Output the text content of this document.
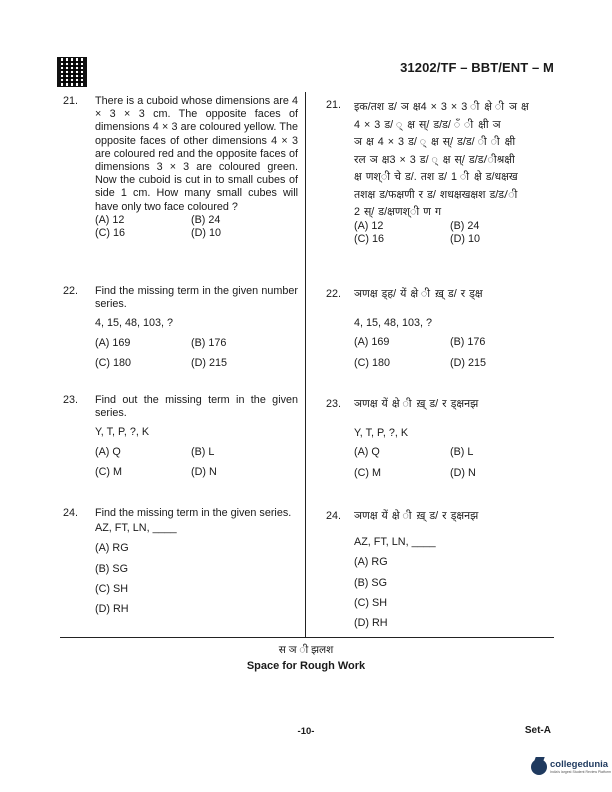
31202/TF – BBT/ENT – M
21. There is a cuboid whose dimensions are 4 × 3 × 3 cm. The opposite faces of dimensions 4 × 3 are coloured yellow. The opposite faces of other dimensions 4 × 3 are coloured red and the opposite faces of dimensions 3 × 3 are coloured green. Now the cuboid is cut in to small cubes of side 1 cm. How many small cubes will have only two face coloured ?
(A) 12	(B) 24
(C) 16	(D) 10
22. Find the missing term in the given number series.
4, 15, 48, 103, ?
(A) 169	(B) 176
(C) 180	(D) 215
23. Find out the missing term in the given series.
Y, T, P, ?, K
(A) Q	(B) L
(C) M	(D) N
24. Find the missing term in the given series.
AZ, FT, LN, ____
(A) RG
(B) SG
(C) SH
(D) RH
21. इक/तश ड/ ञ क्ष4 × 3 × 3 ी क्षे ी ञ क्ष
4 × 3 ड/ ् क्ष स्/ ड/ड/ ँ ी क्षी ञ
ञ क्ष 4 × 3 ड/ ् क्ष स्/ ड/ड/ ी ी क्षी
रल ञ क्ष3 × 3 ड/ ् क्ष स्/ ड/ड/ीश्रक्षी
क्ष णश्ी चे ड/. तश ड/ 1 ी क्षे ड/धक्षख
तशक्ष ड/फक्षणी र ड/ शधक्षखक्षश ड/ड/ी
2 स्/ ड/क्षणश्ी ण ग
(A) 12	(B) 24
(C) 16	(D) 10
22. ञणक्ष ड्ह/ यें क्षे ी ख़् ड/ र ड्क्ष
4, 15, 48, 103, ?
(A) 169	(B) 176
(C) 180	(D) 215
23. ञणक्ष यें क्षे ी ख़् ड/ र ड्क्षनझ
Y, T, P, ?, K
(A) Q	(B) L
(C) M	(D) N
24. ञणक्ष यें क्षे ी ख़् ड/ र ड्क्षनझ
AZ, FT, LN, ____
(A) RG
(B) SG
(C) SH
(D) RH
स ञ ी झलश
Space for Rough Work
-10-	Set-A
collegedunia
India's largest Student Review Platform
